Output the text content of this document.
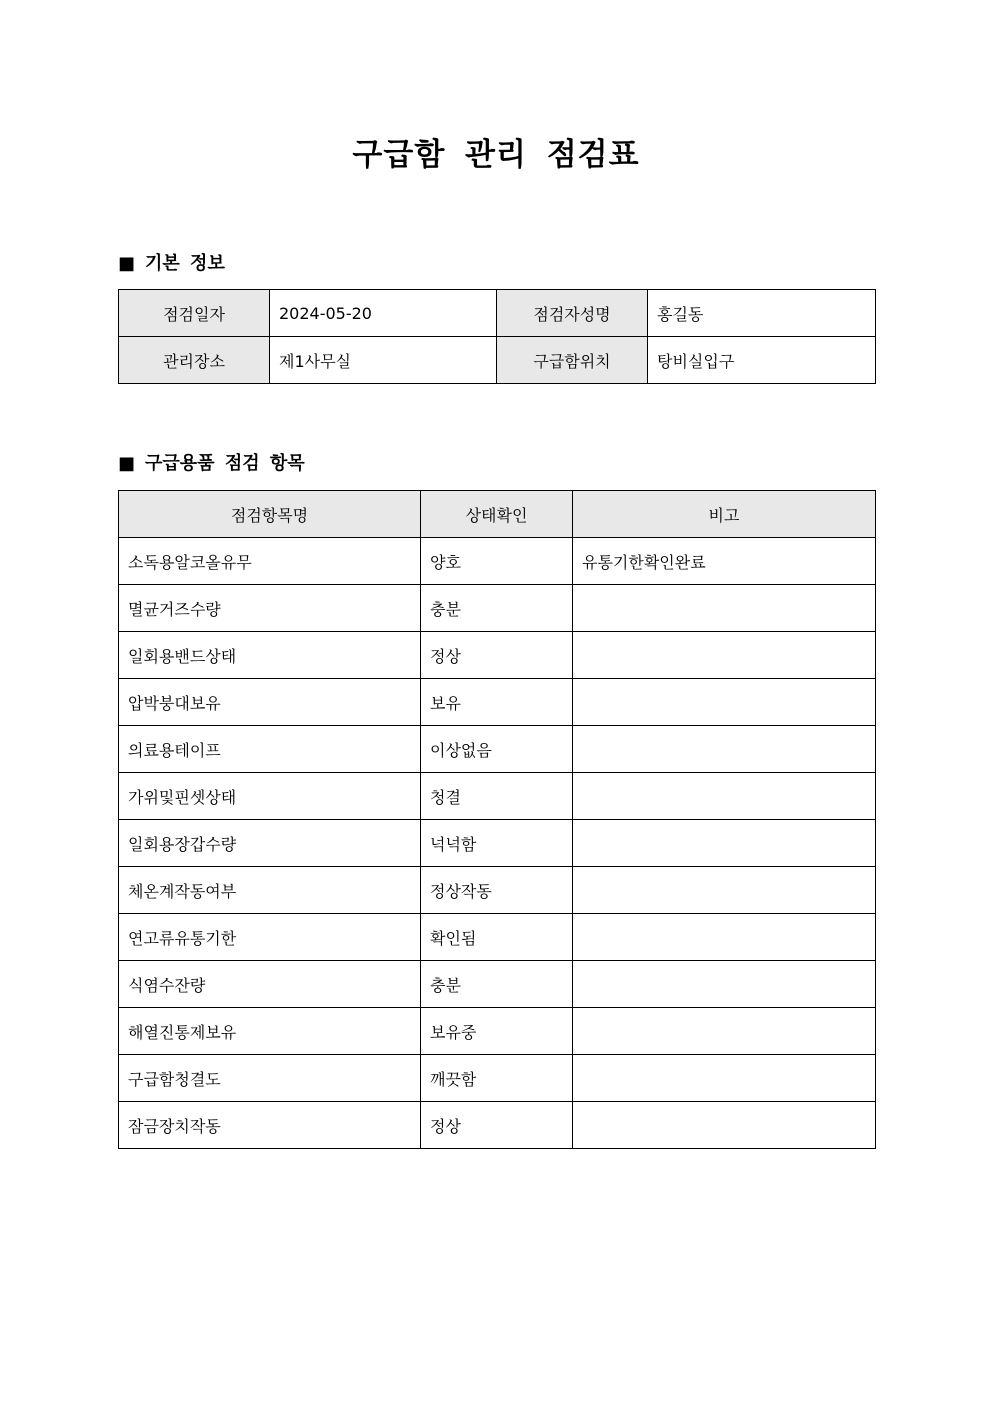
구급함 관리 점검표
■ 기본 정보
점검일자	2024-05-20	점검자성명	홍길동
관리장소	제1사무실	구급함위치	탕비실입구
■ 구급용품 점검 항목
점검항목명	상태확인	비고
소독용알코올유무	양호	유통기한확인완료
멸균거즈수량	충분	
일회용밴드상태	정상	
압박붕대보유	보유	
의료용테이프	이상없음	
가위및핀셋상태	청결	
일회용장갑수량	넉넉함	
체온계작동여부	정상작동	
연고류유통기한	확인됨	
식염수잔량	충분	
해열진통제보유	보유중	
구급함청결도	깨끗함	
잠금장치작동	정상	
